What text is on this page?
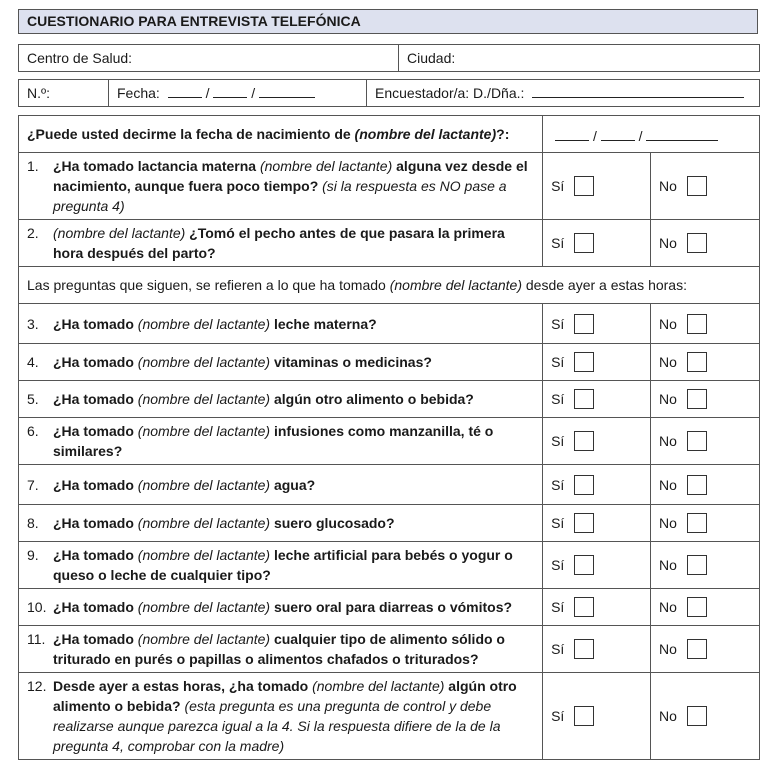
CUESTIONARIO PARA ENTREVISTA TELEFÓNICA
Centro de Salud:	Ciudad:
N.º:	Fecha:	/	/	Encuestador/a: D./Dña.:
¿Puede usted decirme la fecha de nacimiento de (nombre del lactante)?:	/ /	

1. ¿Ha tomado lactancia materna (nombre del lactante) alguna vez desde el nacimiento, aunque fuera poco tiempo? (si la respuesta es NO pase a pregunta 4)	Sí	No

2. (nombre del lactante) ¿Tomó el pecho antes de que pasara la primera hora después del parto?	Sí	No
Las preguntas que siguen, se refieren a lo que ha tomado (nombre del lactante) desde ayer a estas horas:		

3. ¿Ha tomado (nombre del lactante) leche materna?	Sí	No

4. ¿Ha tomado (nombre del lactante) vitaminas o medicinas?	Sí	No

5. ¿Ha tomado (nombre del lactante) algún otro alimento o bebida?	Sí	No

6. ¿Ha tomado (nombre del lactante) infusiones como manzanilla, té o similares?	Sí	No

7. ¿Ha tomado (nombre del lactante) agua?	Sí	No

8. ¿Ha tomado (nombre del lactante) suero glucosado?	Sí	No

9. ¿Ha tomado (nombre del lactante) leche artificial para bebés o yogur o queso o leche de cualquier tipo?	Sí	No

10. ¿Ha tomado (nombre del lactante) suero oral para diarreas o vómitos?	Sí	No

11. ¿Ha tomado (nombre del lactante) cualquier tipo de alimento sólido o triturado en purés o papillas o alimentos chafados o triturados?	Sí	No

12. Desde ayer a estas horas, ¿ha tomado (nombre del lactante) algún otro alimento o bebida? (esta pregunta es una pregunta de control y debe realizarse aunque parezca igual a la 4. Si la respuesta difiere de la de la pregunta 4, comprobar con la madre)	Sí	No
